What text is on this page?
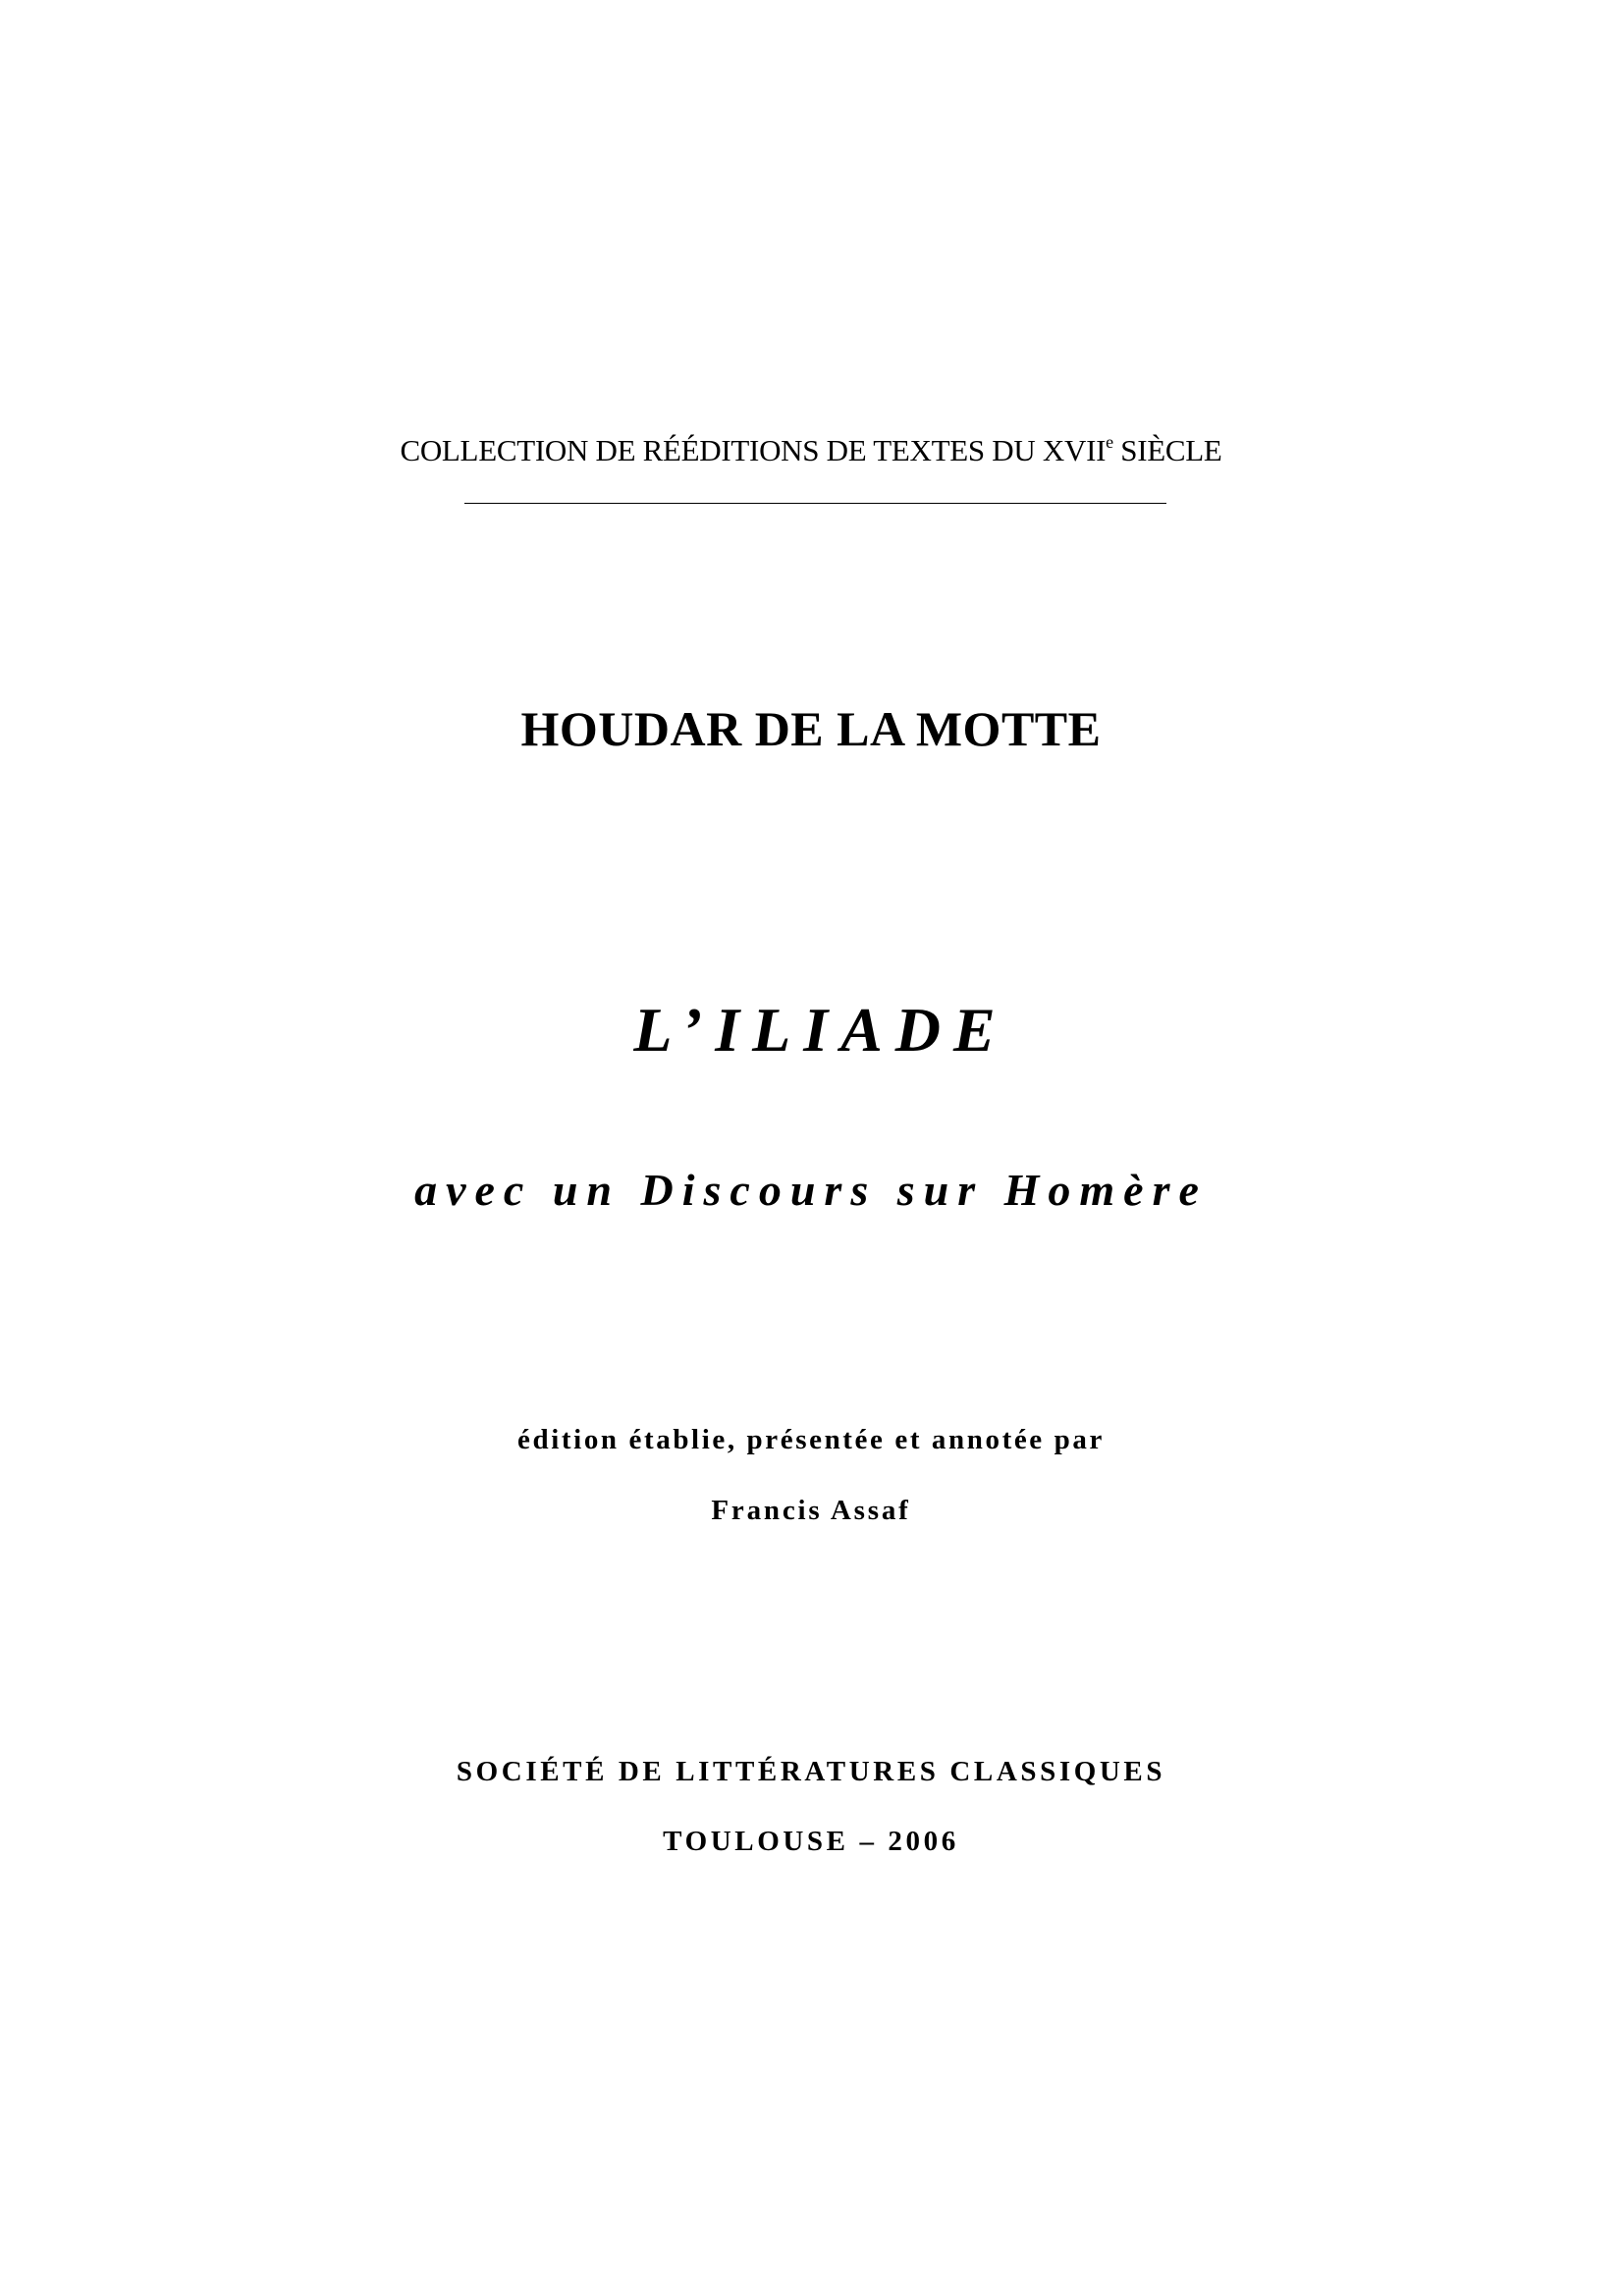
COLLECTION DE RÉÉDITIONS DE TEXTES DU XVIIe SIÈCLE
HOUDAR DE LA MOTTE
L’ILIADE
avec un Discours sur Homère
édition établie, présentée et annotée par
Francis Assaf
SOCIÉTÉ DE LITTÉRATURES CLASSIQUES
TOULOUSE – 2006
